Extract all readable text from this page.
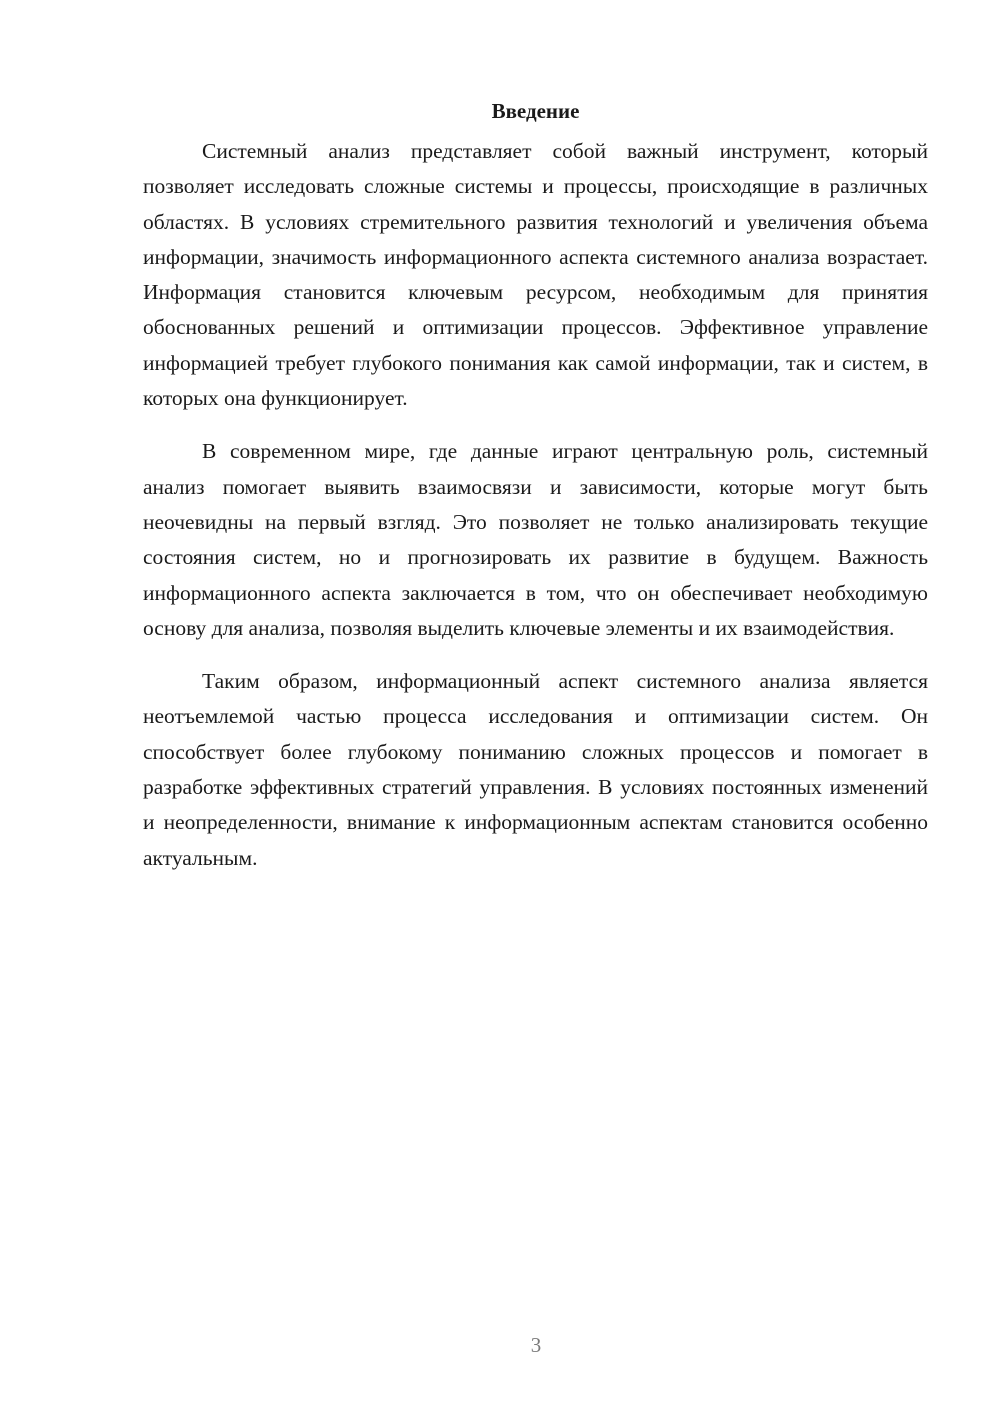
Введение

Системный анализ представляет собой важный инструмент, который позволяет исследовать сложные системы и процессы, происходящие в различных областях. В условиях стремительного развития технологий и увеличения объема информации, значимость информационного аспекта системного анализа возрастает. Информация становится ключевым ресурсом, необходимым для принятия обоснованных решений и оптимизации процессов. Эффективное управление информацией требует глубокого понимания как самой информации, так и систем, в которых она функционирует.

В современном мире, где данные играют центральную роль, системный анализ помогает выявить взаимосвязи и зависимости, которые могут быть неочевидны на первый взгляд. Это позволяет не только анализировать текущие состояния систем, но и прогнозировать их развитие в будущем. Важность информационного аспекта заключается в том, что он обеспечивает необходимую основу для анализа, позволяя выделить ключевые элементы и их взаимодействия.

Таким образом, информационный аспект системного анализа является неотъемлемой частью процесса исследования и оптимизации систем. Он способствует более глубокому пониманию сложных процессов и помогает в разработке эффективных стратегий управления. В условиях постоянных изменений и неопределенности, внимание к информационным аспектам становится особенно актуальным.

3
